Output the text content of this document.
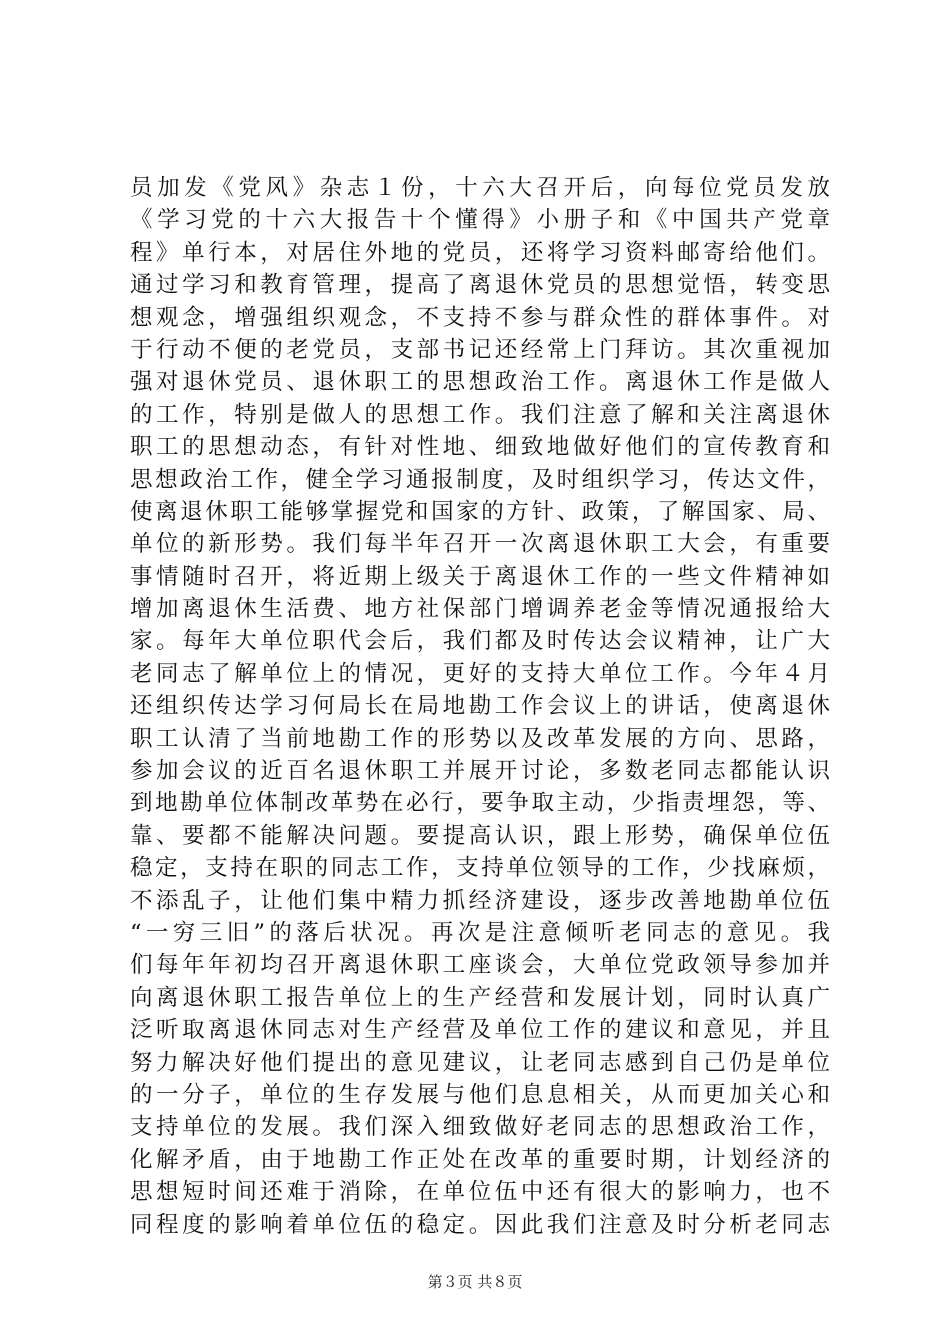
员加发《党风》杂志１份，十六大召开后，向每位党员发放
《学习党的十六大报告十个懂得》小册子和《中国共产党章
程》单行本，对居住外地的党员，还将学习资料邮寄给他们。
通过学习和教育管理，提高了离退休党员的思想觉悟，转变思
想观念，增强组织观念，不支持不参与群众性的群体事件。对
于行动不便的老党员，支部书记还经常上门拜访。其次重视加
强对退休党员、退休职工的思想政治工作。离退休工作是做人
的工作，特别是做人的思想工作。我们注意了解和关注离退休
职工的思想动态，有针对性地、细致地做好他们的宣传教育和
思想政治工作，健全学习通报制度，及时组织学习，传达文件，
使离退休职工能够掌握党和国家的方针、政策，了解国家、局、
单位的新形势。我们每半年召开一次离退休职工大会，有重要
事情随时召开，将近期上级关于离退休工作的一些文件精神如
增加离退休生活费、地方社保部门增调养老金等情况通报给大
家。每年大单位职代会后，我们都及时传达会议精神，让广大
老同志了解单位上的情况，更好的支持大单位工作。今年４月
还组织传达学习何局长在局地勘工作会议上的讲话，使离退休
职工认清了当前地勘工作的形势以及改革发展的方向、思路，
参加会议的近百名退休职工并展开讨论，多数老同志都能认识
到地勘单位体制改革势在必行，要争取主动，少指责埋怨，等、
靠、要都不能解决问题。要提高认识，跟上形势，确保单位伍
稳定，支持在职的同志工作，支持单位领导的工作，少找麻烦，
不添乱子，让他们集中精力抓经济建设，逐步改善地勘单位伍
“一穷三旧”的落后状况。再次是注意倾听老同志的意见。我
们每年年初均召开离退休职工座谈会，大单位党政领导参加并
向离退休职工报告单位上的生产经营和发展计划，同时认真广
泛听取离退休同志对生产经营及单位工作的建议和意见，并且
努力解决好他们提出的意见建议，让老同志感到自己仍是单位
的一分子，单位的生存发展与他们息息相关，从而更加关心和
支持单位的发展。我们深入细致做好老同志的思想政治工作，
化解矛盾，由于地勘工作正处在改革的重要时期，计划经济的
思想短时间还难于消除，在单位伍中还有很大的影响力，也不
同程度的影响着单位伍的稳定。因此我们注意及时分析老同志
第３页 共８页
